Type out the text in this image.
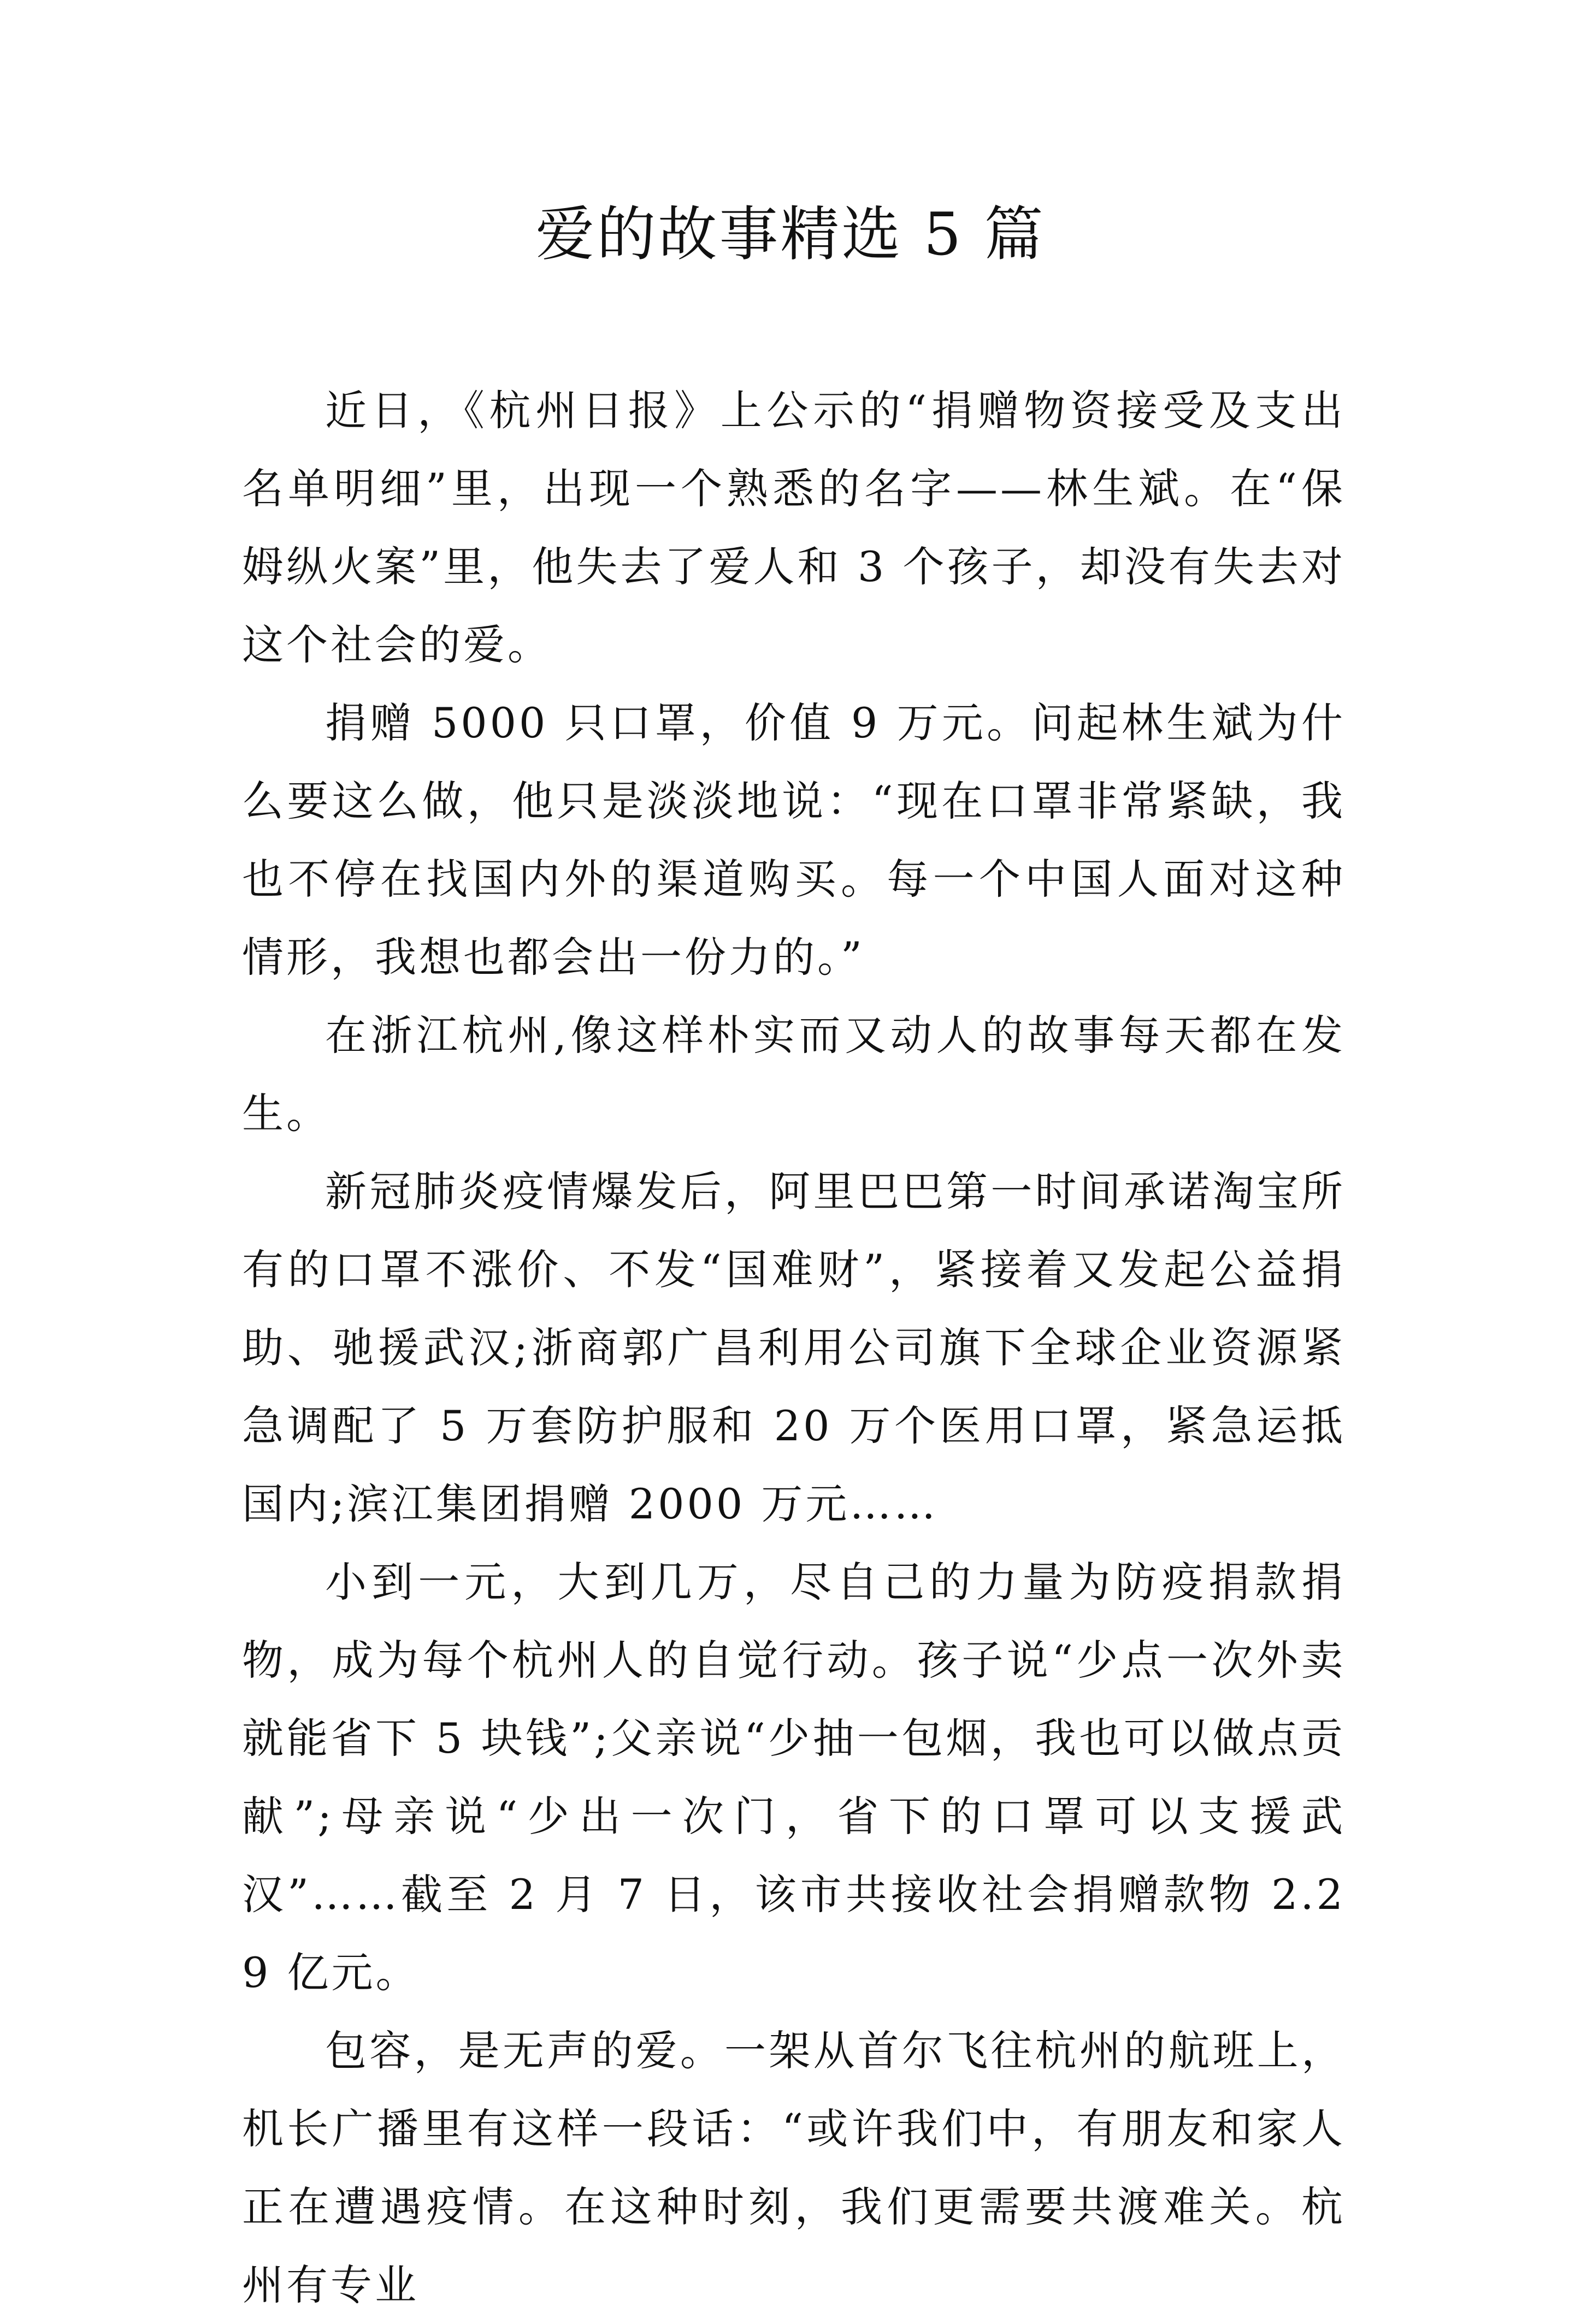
爱的故事精选 5 篇

近日，《杭州日报》上公示的“捐赠物资接受及支出名单明细”里，出现一个熟悉的名字——林生斌。在“保姆纵火案”里，他失去了爱人和 3 个孩子，却没有失去对这个社会的爱。

捐赠 5000 只口罩，价值 9 万元。问起林生斌为什么要这么做，他只是淡淡地说：“现在口罩非常紧缺，我也不停在找国内外的渠道购买。每一个中国人面对这种情形，我想也都会出一份力的。”

在浙江杭州,像这样朴实而又动人的故事每天都在发生。

新冠肺炎疫情爆发后，阿里巴巴第一时间承诺淘宝所有的口罩不涨价、不发“国难财”，紧接着又发起公益捐助、驰援武汉;浙商郭广昌利用公司旗下全球企业资源紧急调配了 5 万套防护服和 20 万个医用口罩，紧急运抵国内;滨江集团捐赠 2000 万元……

小到一元，大到几万，尽自己的力量为防疫捐款捐物，成为每个杭州人的自觉行动。孩子说“少点一次外卖就能省下 5 块钱”;父亲说“少抽一包烟，我也可以做点贡献”;母亲说“少出一次门，省下的口罩可以支援武汉”……截至 2 月 7 日，该市共接收社会捐赠款物 2.29 亿元。

包容，是无声的爱。一架从首尔飞往杭州的航班上，机长广播里有这样一段话：“或许我们中，有朋友和家人正在遭遇疫情。在这种时刻，我们更需要共渡难关。杭州有专业
